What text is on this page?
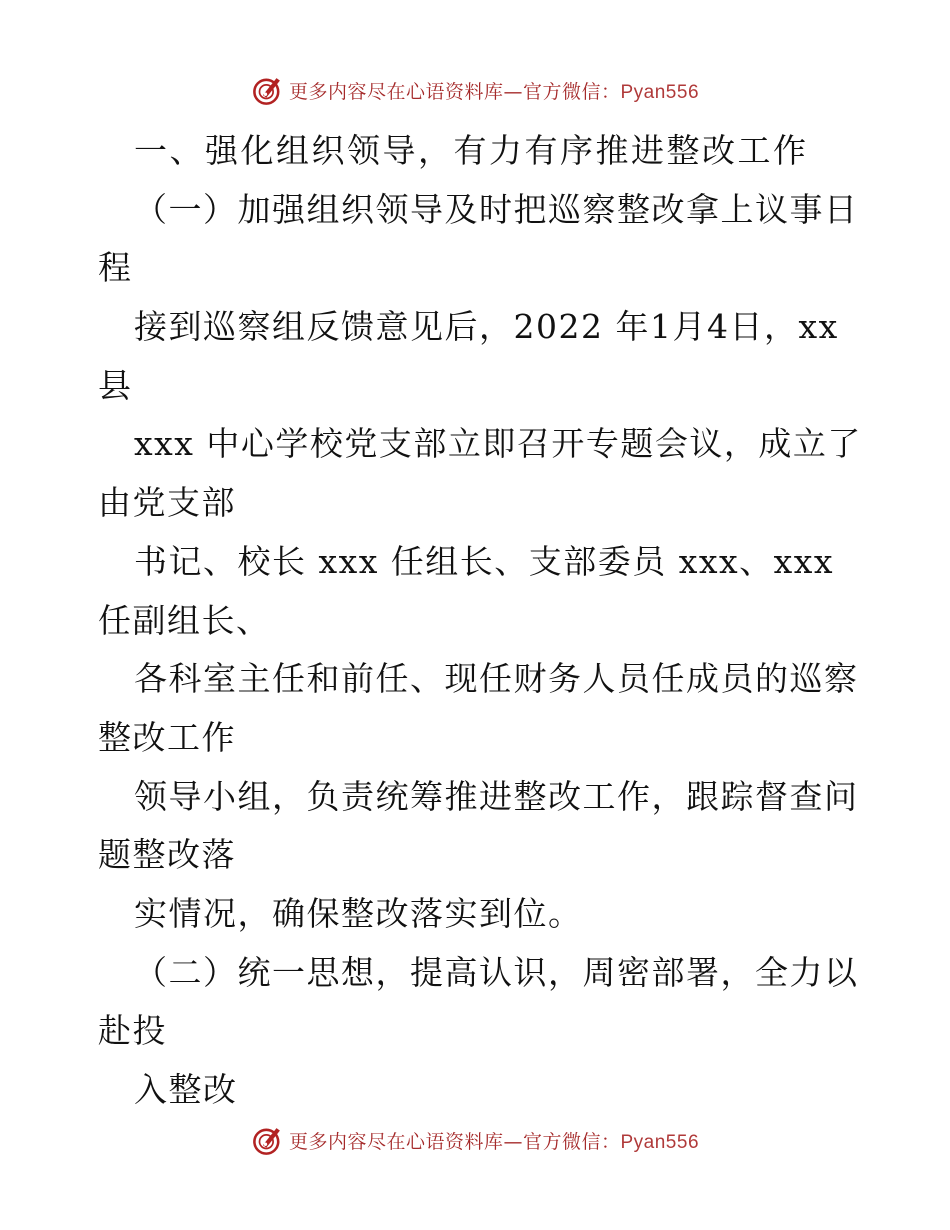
更多内容尽在心语资料库—官方微信：Pyan556
一、强化组织领导，有力有序推进整改工作
（一）加强组织领导及时把巡察整改拿上议事日
程
接到巡察组反馈意见后，2022 年1月4日，xx
县
xxx 中心学校党支部立即召开专题会议，成立了
由党支部
书记、校长 xxx 任组长、支部委员 xxx、xxx
任副组长、
各科室主任和前任、现任财务人员任成员的巡察
整改工作
领导小组，负责统筹推进整改工作，跟踪督查问
题整改落
实情况，确保整改落实到位。
（二）统一思想，提高认识，周密部署，全力以
赴投
入整改
更多内容尽在心语资料库—官方微信：Pyan556
